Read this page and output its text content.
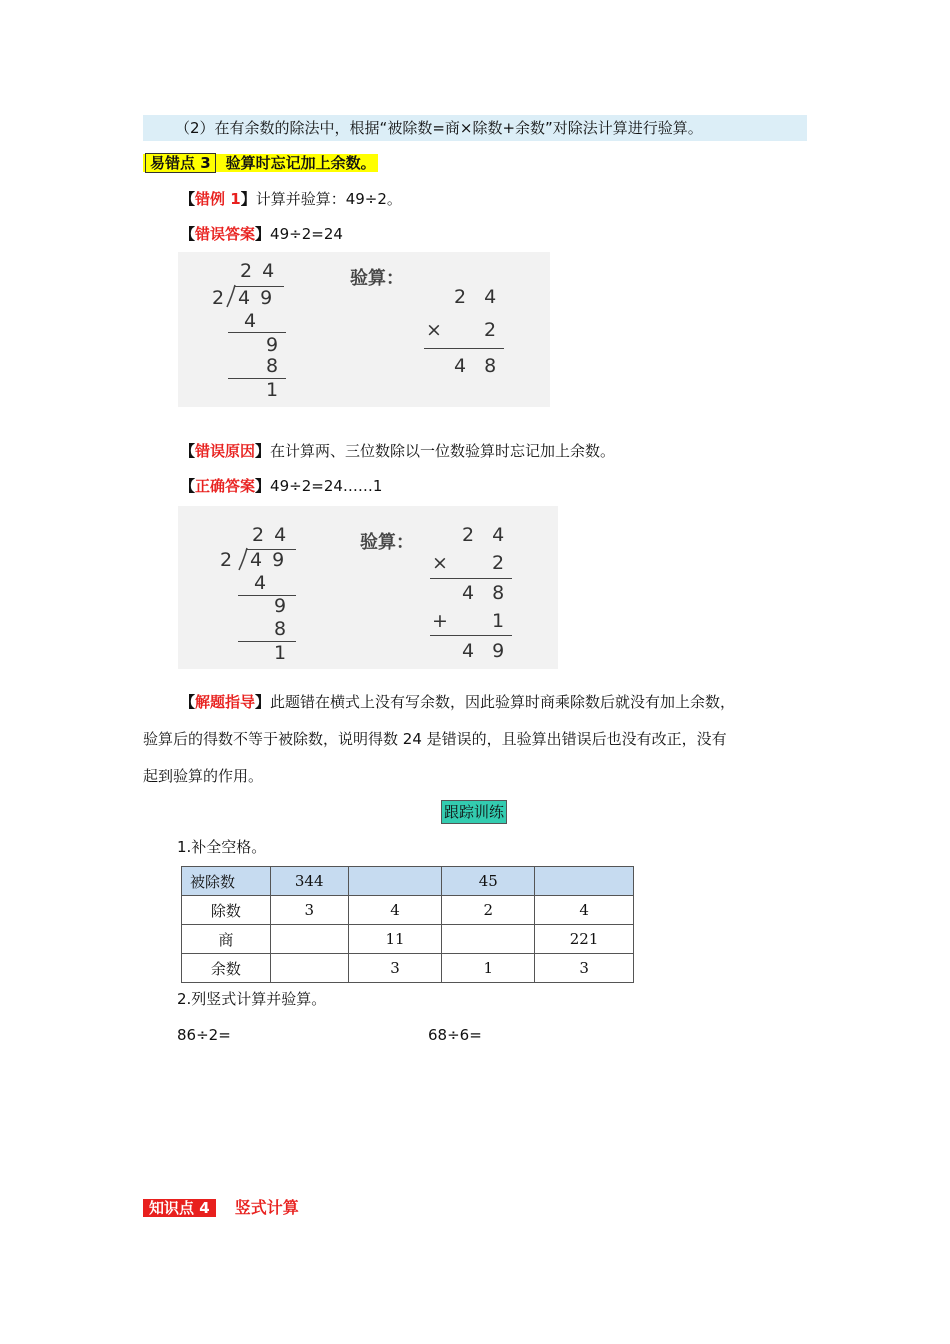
（2）在有余数的除法中，根据“被除数=商×除数+余数”对除法计算进行验算。
易错点 3 验算时忘记加上余数。
【错例 1】计算并验算：49÷2。
【错误答案】49÷2=24
2 4
2 4 9
4
9
8
1
验算：
2 4
× 2
4 8
【错误原因】在计算两、三位数除以一位数验算时忘记加上余数。
【正确答案】49÷2=24……1
2 4
2 4 9
4
9
8
1
验算：	2 4
× 2
4 8
+ 1
4 9
【解题指导】此题错在横式上没有写余数，因此验算时商乘除数后就没有加上余数，
验算后的得数不等于被除数，说明得数 24 是错误的，且验算出错误后也没有改正，没有
起到验算的作用。
跟踪训练
1.补全空格。
被除数	344		45	
除数	3	4	2	4
商		11		221
余数		3	1	3
2.列竖式计算并验算。
86÷2=	68÷6=
知识点 4 竖式计算
